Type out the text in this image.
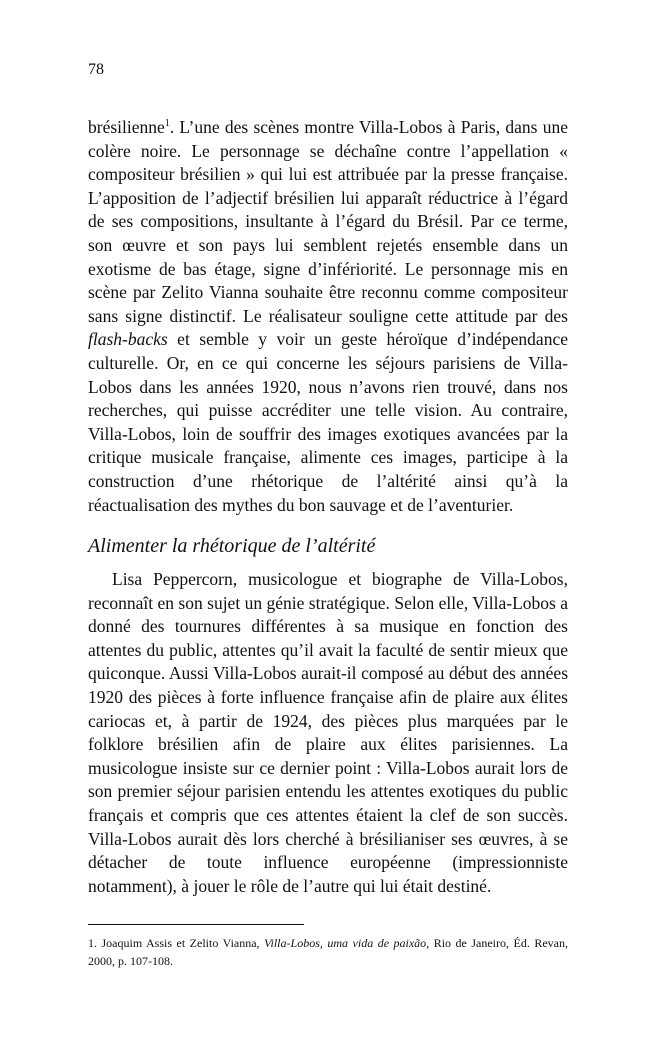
78

brésilienne$^1$. L’une des scènes montre Villa-Lobos à Paris, dans une colère noire. Le personnage se déchaîne contre l’appellation « compositeur brésilien » qui lui est attribuée par la presse française. L’apposition de l’adjectif brésilien lui apparaît réductrice à l’égard de ses compositions, insultante à l’égard du Brésil. Par ce terme, son œuvre et son pays lui semblent rejetés ensemble dans un exotisme de bas étage, signe d’infériorité. Le personnage mis en scène par Zelito Vianna souhaite être reconnu comme compositeur sans signe distinctif. Le réalisateur souligne cette attitude par des flash-backs et semble y voir un geste héroïque d’indépendance culturelle. Or, en ce qui concerne les séjours parisiens de Villa-Lobos dans les années 1920, nous n’avons rien trouvé, dans nos recherches, qui puisse accréditer une telle vision. Au contraire, Villa-Lobos, loin de souffrir des images exotiques avancées par la critique musicale française, alimente ces images, participe à la construction d’une rhétorique de l’altérité ainsi qu’à la réactualisation des mythes du bon sauvage et de l’aventurier.

Alimenter la rhétorique de l’altérité

Lisa Peppercorn, musicologue et biographe de Villa-Lobos, reconnaît en son sujet un génie stratégique. Selon elle, Villa-Lobos a donné des tournures différentes à sa musique en fonction des attentes du public, attentes qu’il avait la faculté de sentir mieux que quiconque. Aussi Villa-Lobos aurait-il composé au début des années 1920 des pièces à forte influence française afin de plaire aux élites cariocas et, à partir de 1924, des pièces plus marquées par le folklore brésilien afin de plaire aux élites parisiennes. La musicologue insiste sur ce dernier point : Villa-Lobos aurait lors de son premier séjour parisien entendu les attentes exotiques du public français et compris que ces attentes étaient la clef de son succès. Villa-Lobos aurait dès lors cherché à brésilianiser ses œuvres, à se détacher de toute influence européenne (impressionniste notamment), à jouer le rôle de l’autre qui lui était destiné.

1. Joaquim Assis et Zelito Vianna, Villa-Lobos, uma vida de paixão, Rio de Janeiro, Éd. Revan, 2000, p. 107-108.
